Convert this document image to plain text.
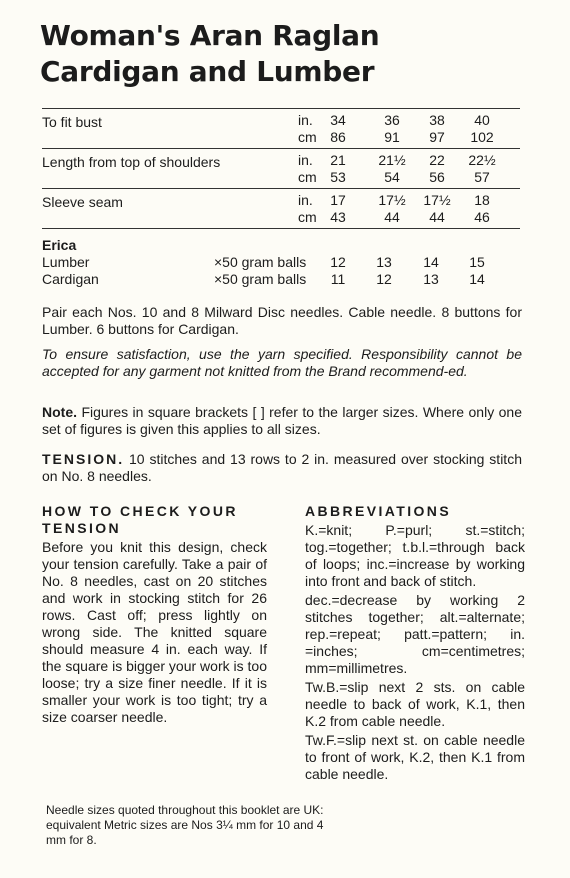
Woman's Aran Raglan
Cardigan and Lumber
To fit bust	in.	34	36	38	40
cm 86	91	97	102
Length from top of shoulders	in.	21	21½	22	22½
cm 53	54	56	57
Sleeve seam	in.	17	17½	17½	18
cm 43	44	44	46
Erica
Lumber	×50 gram balls	12	13	14	15
Cardigan	×50 gram balls	11	12	13	14
Pair each Nos. 10 and 8 Milward Disc needles. Cable needle. 8 buttons for Lumber. 6 buttons for Cardigan.
To ensure satisfaction, use the yarn specified. Responsibility cannot be accepted for any garment not knitted from the Brand recommend-ed.
Note. Figures in square brackets [ ] refer to the larger sizes. Where only one set of figures is given this applies to all sizes.
TENSION. 10 stitches and 13 rows to 2 in. measured over stocking stitch on No. 8 needles.
HOW TO CHECK YOUR TENSION

Before you knit this design, check your tension carefully. Take a pair of No. 8 needles, cast on 20 stitches and work in stocking stitch for 26 rows. Cast off; press lightly on wrong side. The knitted square should measure 4 in. each way. If the square is bigger your work is too loose; try a size finer needle. If it is smaller your work is too tight; try a size coarser needle.

ABBREVIATIONS

K.=knit; P.=purl; st.=stitch; tog.=together; t.b.l.=through back of loops; inc.=increase by working into front and back of stitch.

dec.=decrease by working 2 stitches together; alt.=alternate; rep.=repeat; patt.=pattern; in. =inches; cm=centimetres; mm=millimetres.

Tw.B.=slip next 2 sts. on cable needle to back of work, K.1, then K.2 from cable needle.

Tw.F.=slip next st. on cable needle to front of work, K.2, then K.1 from cable needle.

Needle sizes quoted throughout this booklet are UK: equivalent Metric sizes are Nos 3¼ mm for 10 and 4 mm for 8.
